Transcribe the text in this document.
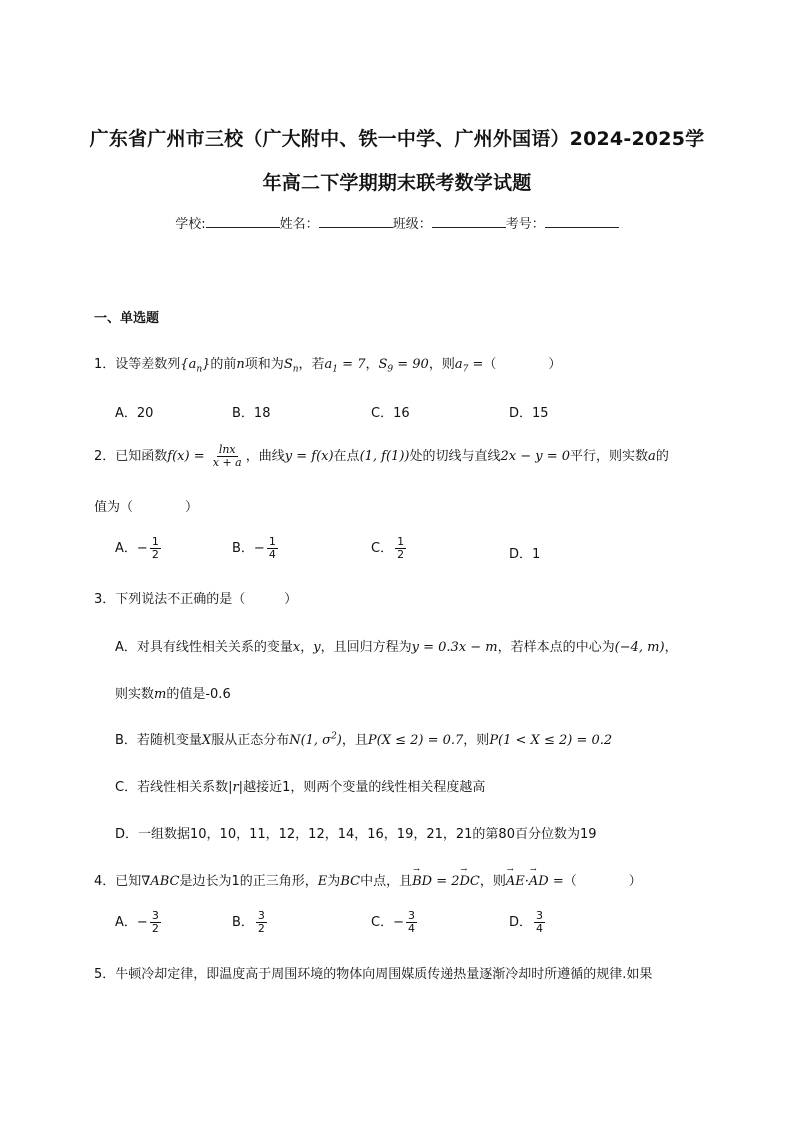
广东省广州市三校（广大附中、铁一中学、广州外国语）2024-2025学
年高二下学期期末联考数学试题
学校:	姓名：	班级：	考号：
一、单选题
1．设等差数列$\{a_n\}$的前n项和为$S_n$，若$a_1 = 7$，$S_9 = 90$，则$a_7$ =（　　　　）
A．20	B．18	C．16	D．15
2．已知函数$f(x) = \frac{\ln x}{x + a}$ ，曲线y = f(x)在点(1, f(1))处的切线与直线2x − y = 0平行，则实数a的
值为（　　　　）
A．− $\frac{1}{2}$	B．− $\frac{1}{4}$	C． $\frac{1}{2}$	D．1
3．下列说法不正确的是（　　　）
A．对具有线性相关关系的变量x，y，且回归方程为y = 0.3x − m，若样本点的中心为(−4, m)，
则实数m的值是-0.6
B．若随机变量X服从正态分布N(1, $\sigma^2$)，且P(X ≤ 2) = 0.7，则P(1 < X ≤ 2) = 0.2
C．若线性相关系数|r|越接近1，则两个变量的线性相关程度越高
D．一组数据10，10，11，12，12，14，16，19，21，21的第80百分位数为19
4．已知∇ABC是边长为1的正三角形，E为BC中点，且→ BD = 2→ DC，则→ AE·→ AD =（　　　　）
A．− $\frac{3}{2}$	B． $\frac{3}{2}$	C．− $\frac{3}{4}$	D． $\frac{3}{4}$
5．牛顿冷却定律，即温度高于周围环境的物体向周围媒质传递热量逐渐冷却时所遵循的规律.如果
